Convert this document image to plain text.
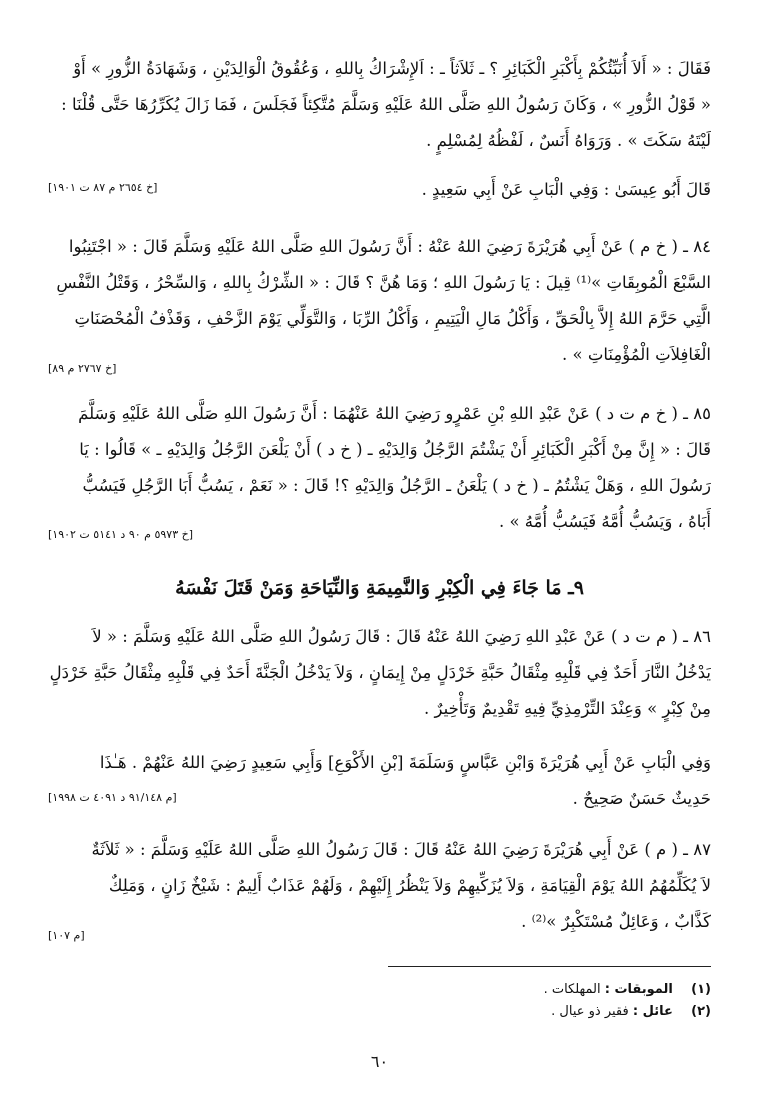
فَقَالَ : « أَلاَ أُنَبِّئُكُمْ بِأَكْبَرِ الْكَبَائِرِ ؟ ـ ثَلاَثاً ـ : اَلإِشْرَاكُ بِاللهِ ، وَعُقُوقُ الْوَالِدَيْنِ ، وَشَهَادَةُ الزُّورِ » أَوْ
« قَوْلُ الزُّورِ » ، وَكَانَ رَسُولُ اللهِ صَلَّى اللهُ عَلَيْهِ وَسَلَّمَ مُتَّكِئاً فَجَلَسَ ، فَمَا زَالَ يُكَرِّرُهَا حَتَّى قُلْنَا :
لَيْتَهُ سَكَتَ » . وَرَوَاهُ أَنَسٌ ، لَفْظُهُ لِمُسْلِمٍ .
قَالَ أَبُو عِيسَىٰ : وَفِي الْبَابِ عَنْ أَبِي سَعِيدٍ .
[خ ٢٦٥٤ م ٨٧ ت ١٩٠١]
٨٤ ـ ( خ م ) عَنْ أَبِي هُرَيْرَةَ رَضِيَ اللهُ عَنْهُ : أَنَّ رَسُولَ اللهِ صَلَّى اللهُ عَلَيْهِ وَسَلَّمَ قَالَ : « اجْتَنِبُوا
السَّبْعَ الْمُوبِقَاتِ »⁽¹⁾ قِيلَ : يَا رَسُولَ اللهِ ؛ وَمَا هُنَّ ؟ قَالَ : « الشِّرْكُ بِاللهِ ، وَالسِّحْرُ ، وَقَتْلُ النَّفْسِ
الَّتِي حَرَّمَ اللهُ إِلاَّ بِالْحَقِّ ، وَأَكْلُ مَالِ الْيَتِيمِ ، وَأَكْلُ الرِّبَا ، وَالتَّوَلِّي يَوْمَ الزَّحْفِ ، وَقَذْفُ الْمُحْصَنَاتِ
الْغَافِلاَتِ الْمُؤْمِنَاتِ » .
[خ ٢٧٦٧ م ٨٩]
٨٥ ـ ( خ م ت د ) عَنْ عَبْدِ اللهِ بْنِ عَمْرٍو رَضِيَ اللهُ عَنْهُمَا : أَنَّ رَسُولَ اللهِ صَلَّى اللهُ عَلَيْهِ وَسَلَّمَ
قَالَ : « إِنَّ مِنْ أَكْبَرِ الْكَبَائِرِ أَنْ يَشْتُمَ الرَّجُلُ وَالِدَيْهِ ـ ( خ د ) أَنْ يَلْعَنَ الرَّجُلُ وَالِدَيْهِ ـ » قَالُوا : يَا
رَسُولَ اللهِ ، وَهَلْ يَشْتُمُ ـ ( خ د ) يَلْعَنُ ـ الرَّجُلُ وَالِدَيْهِ ؟! قَالَ : « نَعَمْ ، يَسُبُّ أَبَا الرَّجُلِ فَيَسُبُّ
أَبَاهُ ، وَيَسُبُّ أُمَّهُ فَيَسُبُّ أُمَّهُ » .
[خ ٥٩٧٣ م ٩٠ د ٥١٤١ ت ١٩٠٢]
٩ـ مَا جَاءَ فِي الْكِبْرِ وَالنَّمِيمَةِ وَالنِّيَاحَةِ وَمَنْ قَتَلَ نَفْسَهُ
٨٦ ـ ( م ت د ) عَنْ عَبْدِ اللهِ رَضِيَ اللهُ عَنْهُ قَالَ : قَالَ رَسُولُ اللهِ صَلَّى اللهُ عَلَيْهِ وَسَلَّمَ : « لاَ
يَدْخُلُ النَّارَ أَحَدٌ فِي قَلْبِهِ مِثْقَالُ حَبَّةِ خَرْدَلٍ مِنْ إِيمَانٍ ، وَلاَ يَدْخُلُ الْجَنَّةَ أَحَدٌ فِي قَلْبِهِ مِثْقَالُ حَبَّةِ خَرْدَلٍ
مِنْ كِبْرٍ » وَعِنْدَ التِّرْمِذِيِّ فِيهِ تَقْدِيمٌ وَتَأْخِيرٌ .
وَفِي الْبَابِ عَنْ أَبِي هُرَيْرَةَ وَابْنِ عَبَّاسٍ وَسَلَمَةَ [بْنِ الأَكْوَعِ] وَأَبِي سَعِيدٍ رَضِيَ اللهُ عَنْهُمْ . هَـٰذَا
حَدِيثٌ حَسَنٌ صَحِيحٌ .
[م ٩١/١٤٨ د ٤٠٩١ ت ١٩٩٨]
٨٧ ـ ( م ) عَنْ أَبِي هُرَيْرَةَ رَضِيَ اللهُ عَنْهُ قَالَ : قَالَ رَسُولُ اللهِ صَلَّى اللهُ عَلَيْهِ وَسَلَّمَ : « ثَلاَثَةٌ
لاَ يُكَلِّمُهُمُ اللهُ يَوْمَ الْقِيَامَةِ ، وَلاَ يُزَكِّيهِمْ وَلاَ يَنْظُرُ إِلَيْهِمْ ، وَلَهُمْ عَذَابٌ أَلِيمٌ : شَيْخٌ زَانٍ ، وَمَلِكٌ
كَذَّابٌ ، وَعَائِلٌ مُسْتَكْبِرٌ »⁽²⁾ .
[م ١٠٧]
(١) الموبقات : المهلكات .
(٢) عائل : فقير ذو عيال .
٦٠
